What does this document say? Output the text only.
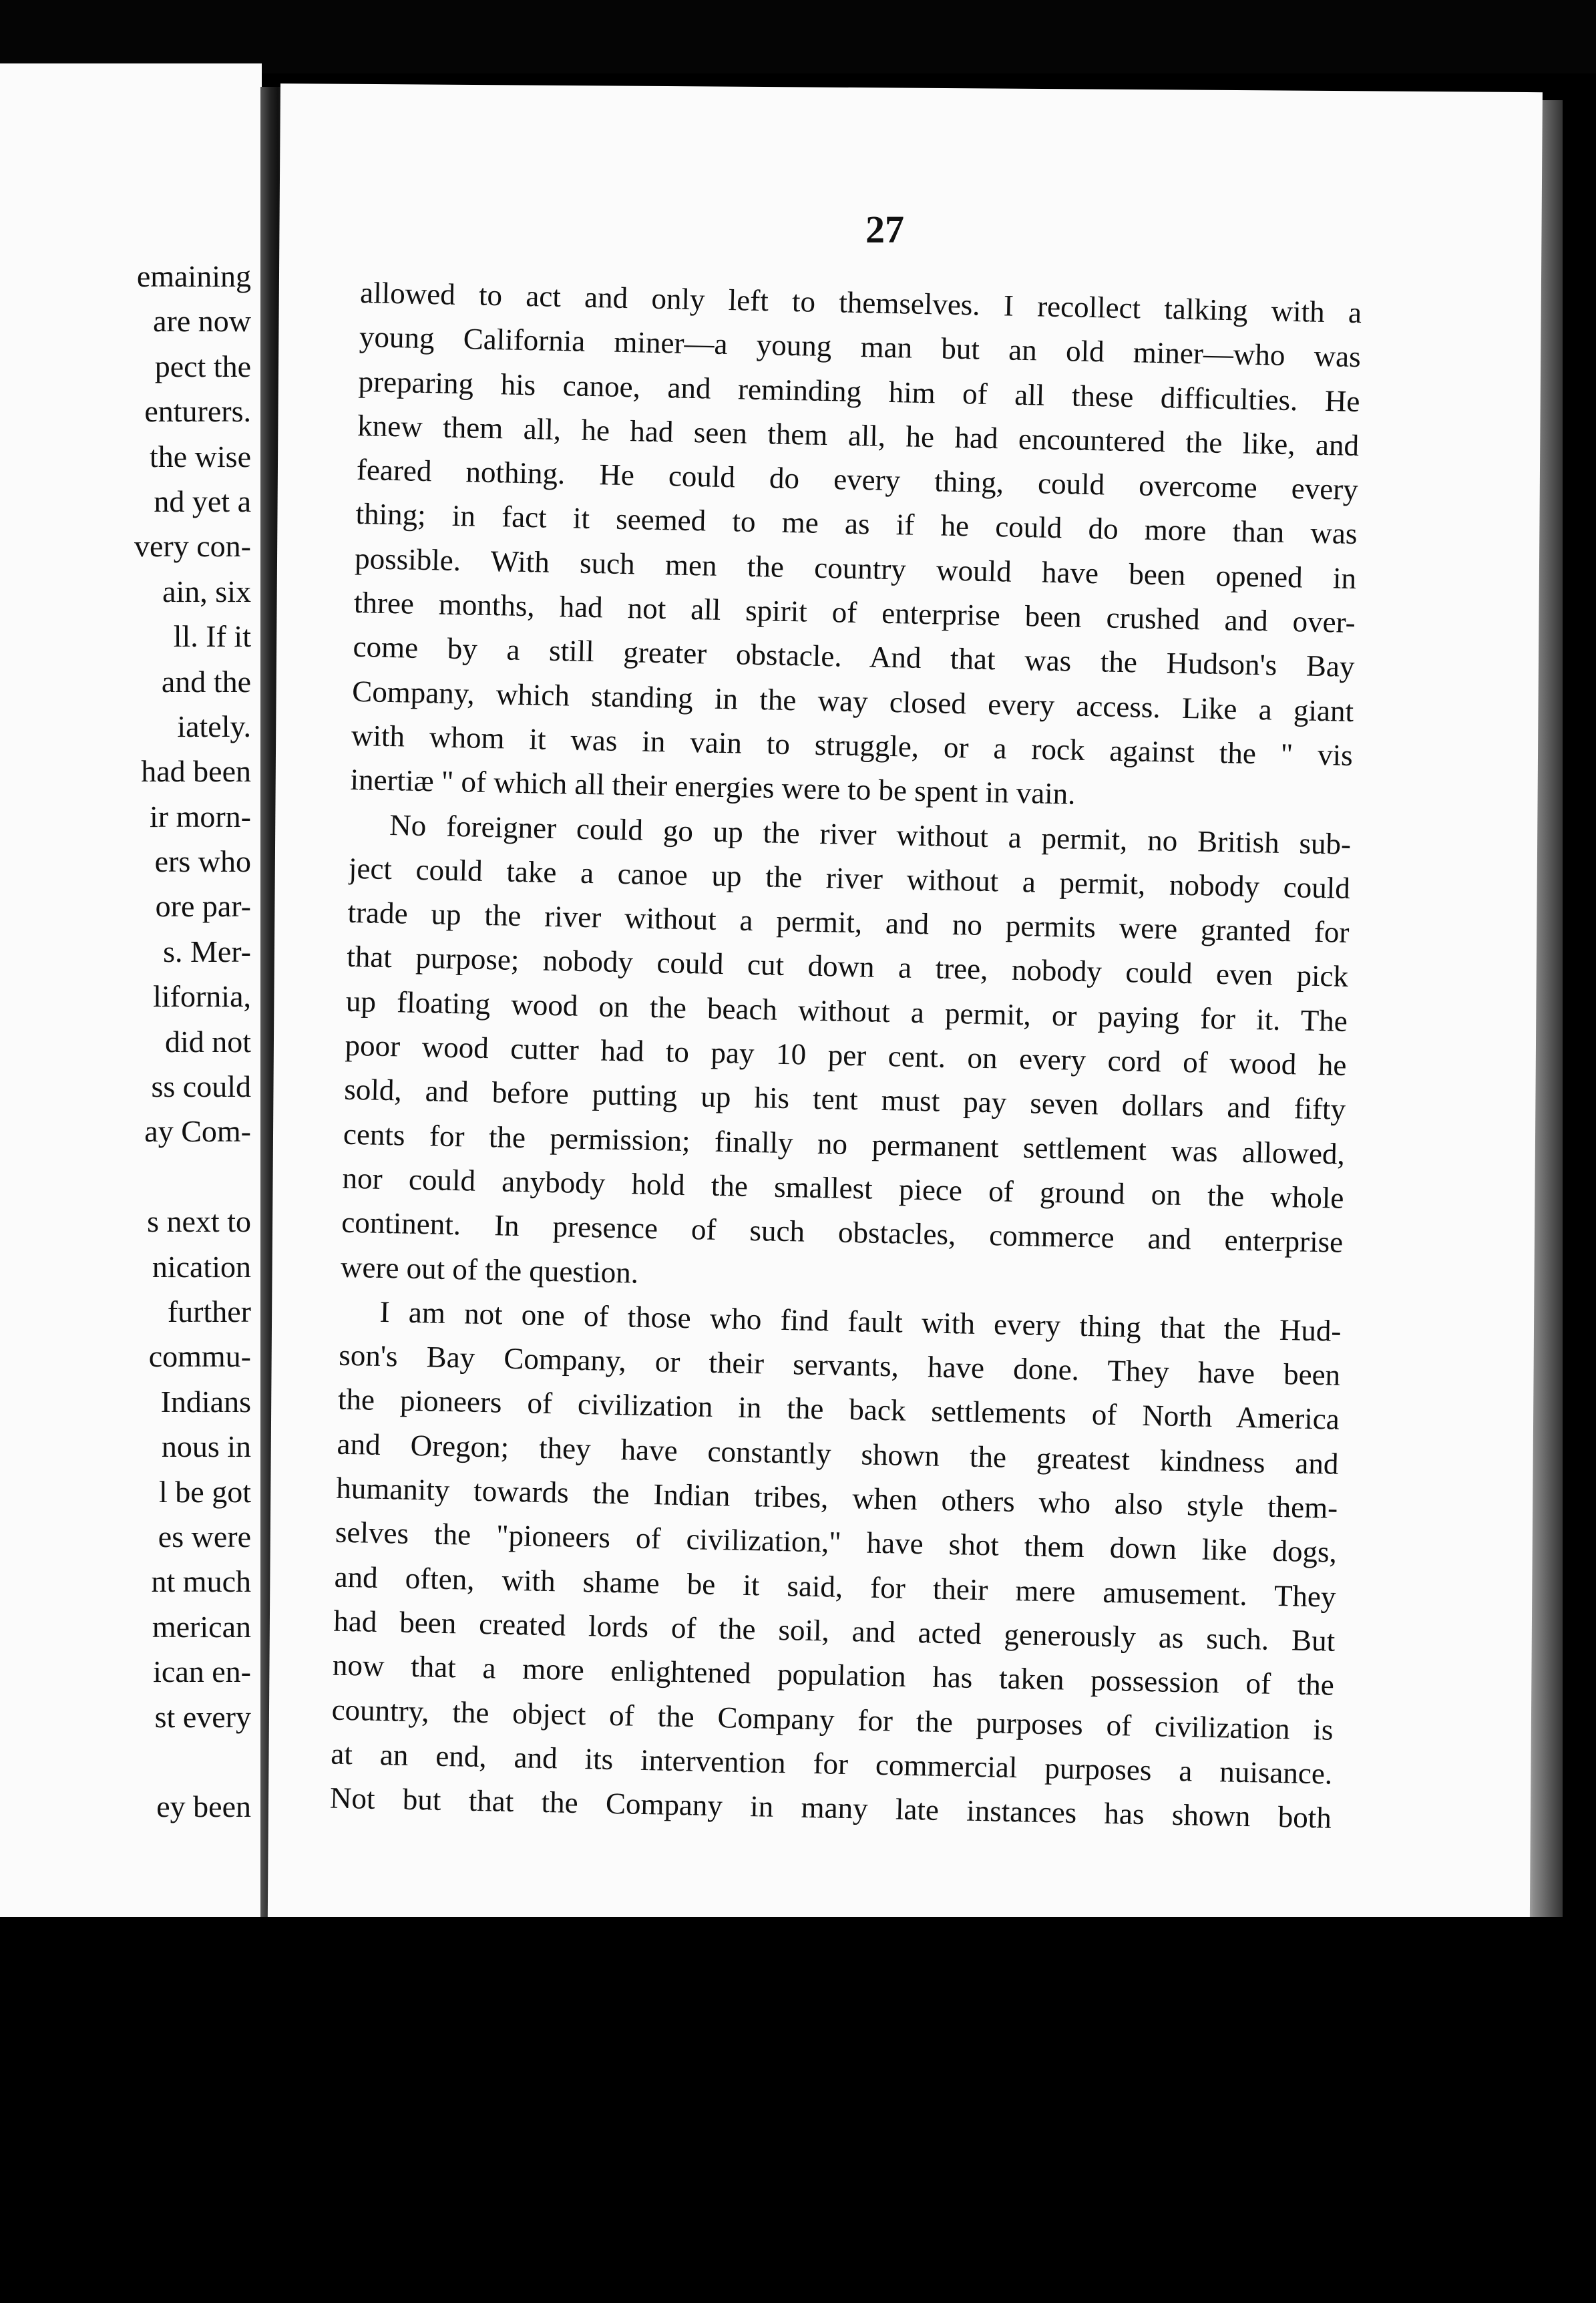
emaining
are now
pect the
enturers.
the wise
nd yet a
very con-
ain, six
ll. If it
and the
iately.
had been
ir morn-
ers who
ore par-
s. Mer-
lifornia,
did not
ss could
ay Com-
s next to
nication
further
commu-
Indians
nous in
l be got
es were
nt much
merican
ican en-
st every
ey been
27
allowed to act and only left to themselves. I recollect talking with a
young California miner—a young man but an old miner—who was
preparing his canoe, and reminding him of all these difficulties. He
knew them all, he had seen them all, he had encountered the like, and
feared nothing. He could do every thing, could overcome every
thing; in fact it seemed to me as if he could do more than was
possible. With such men the country would have been opened in
three months, had not all spirit of enterprise been crushed and over-
come by a still greater obstacle. And that was the Hudson's Bay
Company, which standing in the way closed every access. Like a giant
with whom it was in vain to struggle, or a rock against the " vis
inertiæ " of which all their energies were to be spent in vain.
No foreigner could go up the river without a permit, no British sub-
ject could take a canoe up the river without a permit, nobody could
trade up the river without a permit, and no permits were granted for
that purpose; nobody could cut down a tree, nobody could even pick
up floating wood on the beach without a permit, or paying for it. The
poor wood cutter had to pay 10 per cent. on every cord of wood he
sold, and before putting up his tent must pay seven dollars and fifty
cents for the permission; finally no permanent settlement was allowed,
nor could anybody hold the smallest piece of ground on the whole
continent. In presence of such obstacles, commerce and enterprise
were out of the question.
I am not one of those who find fault with every thing that the Hud-
son's Bay Company, or their servants, have done. They have been
the pioneers of civilization in the back settlements of North America
and Oregon; they have constantly shown the greatest kindness and
humanity towards the Indian tribes, when others who also style them-
selves the "pioneers of civilization," have shot them down like dogs,
and often, with shame be it said, for their mere amusement. They
had been created lords of the soil, and acted generously as such. But
now that a more enlightened population has taken possession of the
country, the object of the Company for the purposes of civilization is
at an end, and its intervention for commercial purposes a nuisance.
Not but that the Company in many late instances has shown both
